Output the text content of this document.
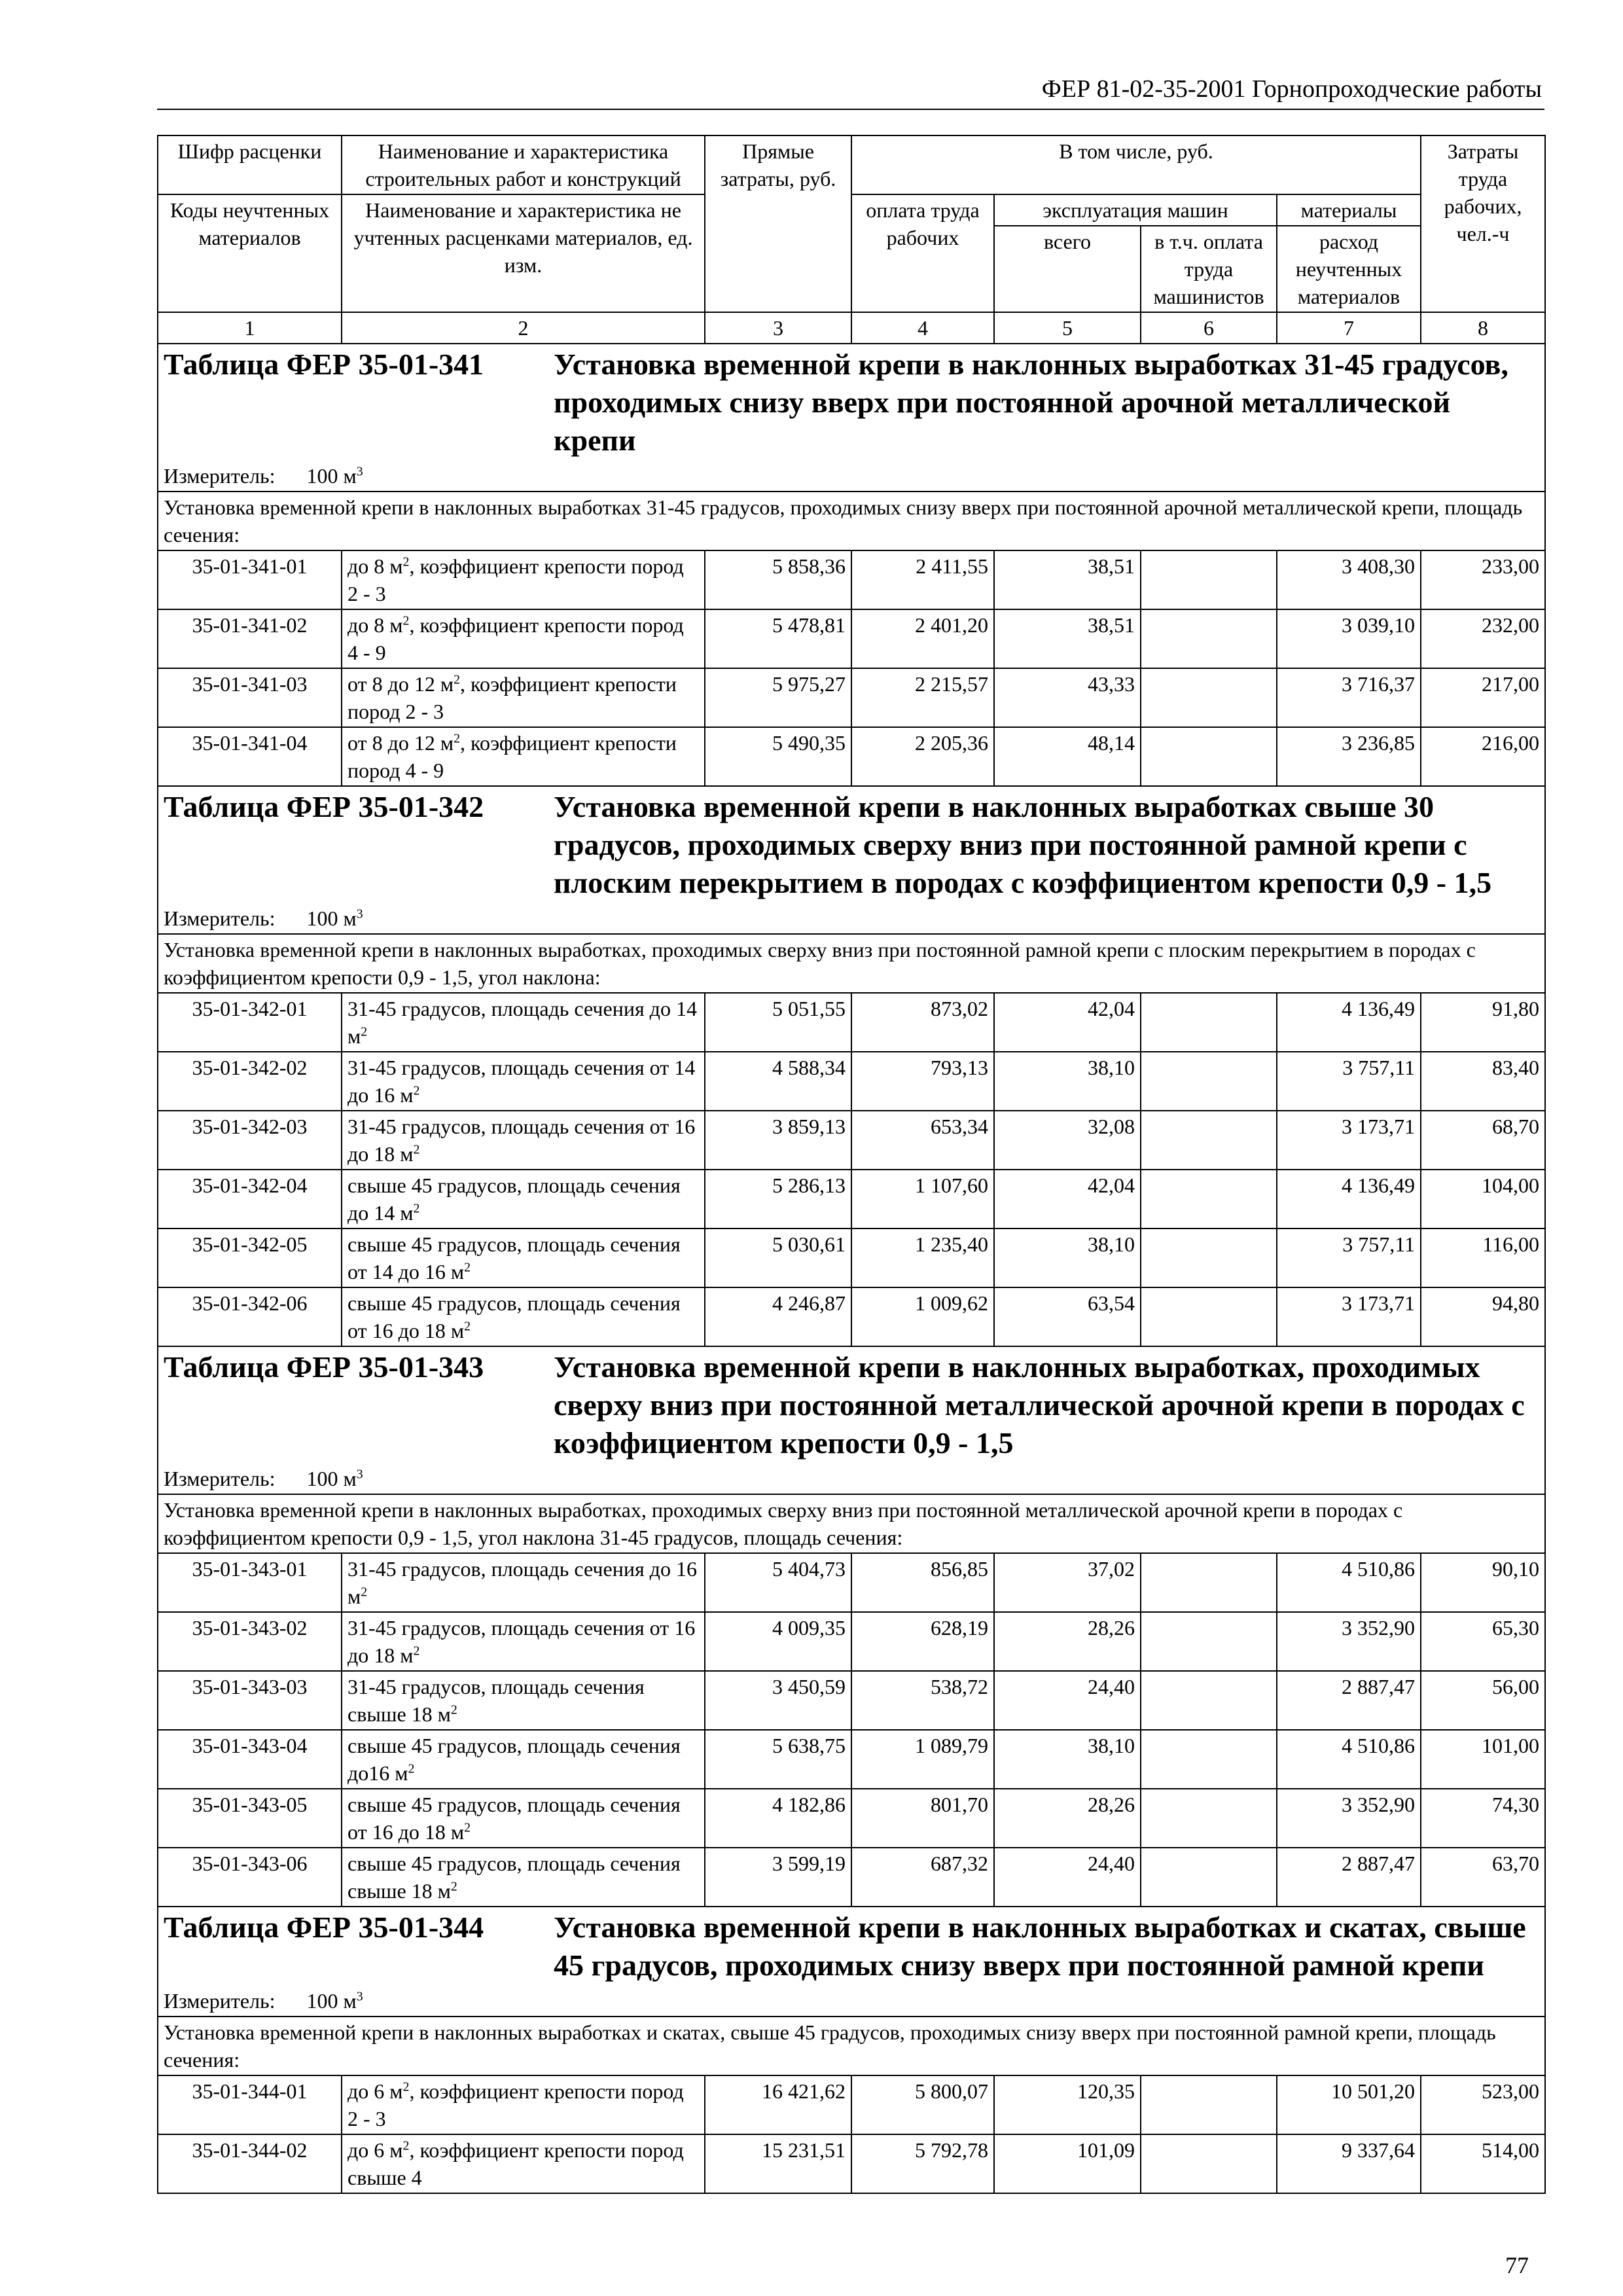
ФЕР 81-02-35-2001 Горнопроходческие работы
Шифр расценки	Наименование и характеристика строительных работ и конструкций	Прямые затраты, руб.	В том числе, руб.				Затраты труда рабочих, чел.-ч
Коды неучтенных материалов	Наименование и характеристика не учтенных расценками материалов, ед. изм.		оплата труда рабочих	эксплуатация машин		материалы	
				всего	в т.ч. оплата труда машинистов	расход неучтенных материалов	
1	2	3	4	5	6	7	8

Таблица ФЕР 35-01-341 Установка временной крепи в наклонных выработках 31-45 градусов, проходимых снизу вверх при постоянной арочной металлической крепи							

Измеритель: 100 $м^3$
Установка временной крепи в наклонных выработках 31-45 градусов, проходимых снизу вверх при постоянной арочной металлической крепи, площадь сечения:							
35-01-341-01	до 8 $м^2$, коэффициент крепости пород 2 - 3	5 858,36	2 411,55	38,51		3 408,30	233,00
35-01-341-02	до 8 $м^2$, коэффициент крепости пород 4 - 9	5 478,81	2 401,20	38,51		3 039,10	232,00
35-01-341-03	от 8 до 12 $м^2$, коэффициент крепости пород 2 - 3	5 975,27	2 215,57	43,33		3 716,37	217,00
35-01-341-04	от 8 до 12 $м^2$, коэффициент крепости пород 4 - 9	5 490,35	2 205,36	48,14		3 236,85	216,00

Таблица ФЕР 35-01-342 Установка временной крепи в наклонных выработках свыше 30 градусов, проходимых сверху вниз при постоянной рамной крепи с плоским перекрытием в породах с коэффициентом крепости 0,9 - 1,5							

Измеритель: 100 $м^3$
Установка временной крепи в наклонных выработках, проходимых сверху вниз при постоянной рамной крепи с плоским перекрытием в породах с коэффициентом крепости 0,9 - 1,5, угол наклона:							
35-01-342-01	31-45 градусов, площадь сечения до 14 $м^2$	5 051,55	873,02	42,04		4 136,49	91,80
35-01-342-02	31-45 градусов, площадь сечения от 14 до 16 $м^2$	4 588,34	793,13	38,10		3 757,11	83,40
35-01-342-03	31-45 градусов, площадь сечения от 16 до 18 $м^2$	3 859,13	653,34	32,08		3 173,71	68,70
35-01-342-04	свыше 45 градусов, площадь сечения до 14 $м^2$	5 286,13	1 107,60	42,04		4 136,49	104,00
35-01-342-05	свыше 45 градусов, площадь сечения от 14 до 16 $м^2$	5 030,61	1 235,40	38,10		3 757,11	116,00
35-01-342-06	свыше 45 градусов, площадь сечения от 16 до 18 $м^2$	4 246,87	1 009,62	63,54		3 173,71	94,80

Таблица ФЕР 35-01-343 Установка временной крепи в наклонных выработках, проходимых сверху вниз при постоянной металлической арочной крепи в породах с коэффициентом крепости 0,9 - 1,5							

Измеритель: 100 $м^3$
Установка временной крепи в наклонных выработках, проходимых сверху вниз при постоянной металлической арочной крепи в породах с коэффициентом крепости 0,9 - 1,5, угол наклона 31-45 градусов, площадь сечения:							
35-01-343-01	31-45 градусов, площадь сечения до 16 $м^2$	5 404,73	856,85	37,02		4 510,86	90,10
35-01-343-02	31-45 градусов, площадь сечения от 16 до 18 $м^2$	4 009,35	628,19	28,26		3 352,90	65,30
35-01-343-03	31-45 градусов, площадь сечения свыше 18 $м^2$	3 450,59	538,72	24,40		2 887,47	56,00
35-01-343-04	свыше 45 градусов, площадь сечения до16 $м^2$	5 638,75	1 089,79	38,10		4 510,86	101,00
35-01-343-05	свыше 45 градусов, площадь сечения от 16 до 18 $м^2$	4 182,86	801,70	28,26		3 352,90	74,30
35-01-343-06	свыше 45 градусов, площадь сечения свыше 18 $м^2$	3 599,19	687,32	24,40		2 887,47	63,70

Таблица ФЕР 35-01-344 Установка временной крепи в наклонных выработках и скатах, свыше 45 градусов, проходимых снизу вверх при постоянной рамной крепи							

Измеритель: 100 $м^3$
Установка временной крепи в наклонных выработках и скатах, свыше 45 градусов, проходимых снизу вверх при постоянной рамной крепи, площадь сечения:							
35-01-344-01	до 6 $м^2$, коэффициент крепости пород 2 - 3	16 421,62	5 800,07	120,35		10 501,20	523,00
35-01-344-02	до 6 $м^2$, коэффициент крепости пород свыше 4	15 231,51	5 792,78	101,09		9 337,64	514,00
77
